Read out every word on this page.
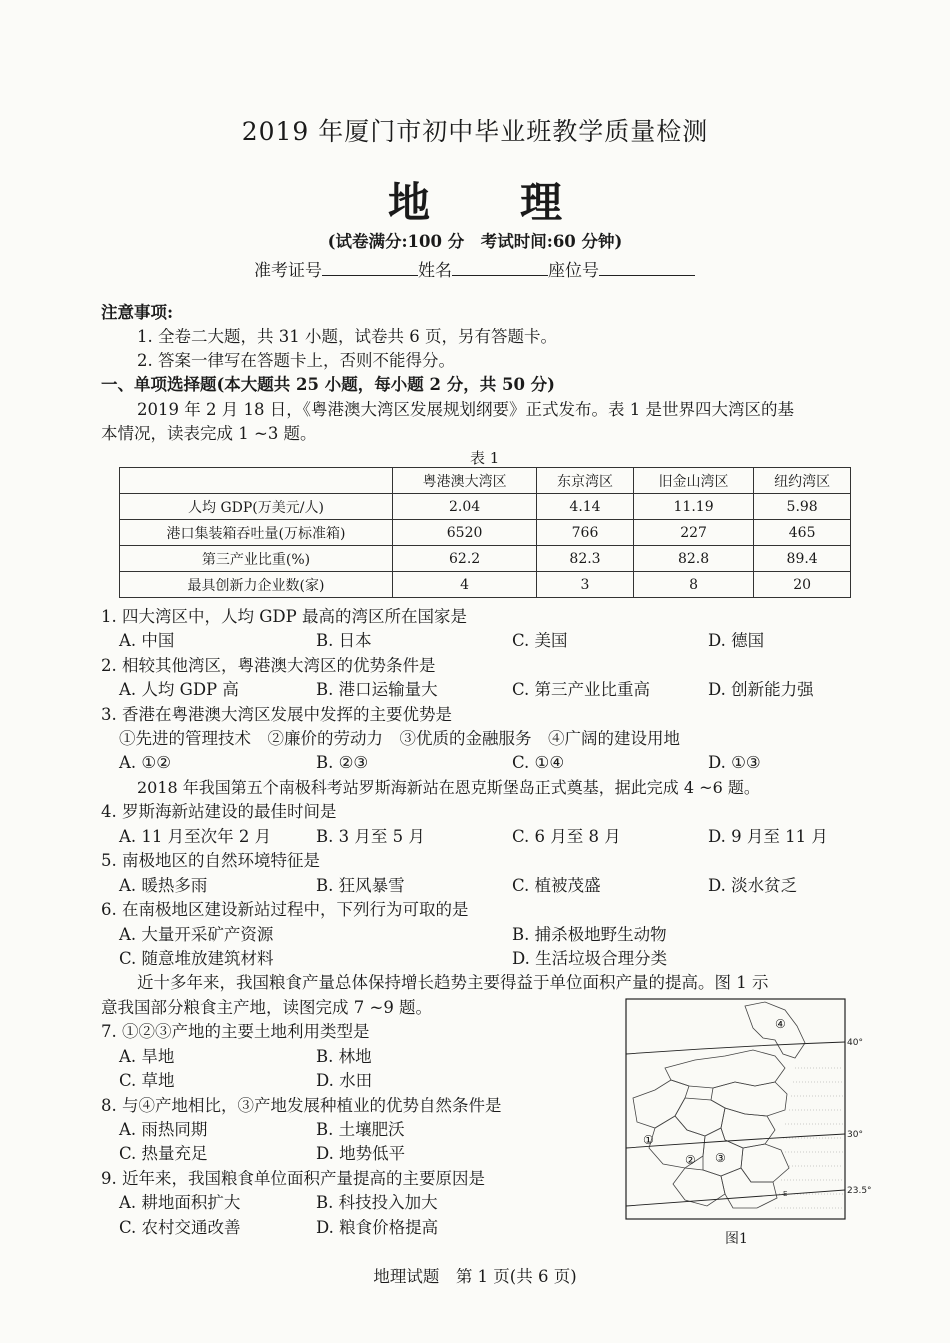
2019 年厦门市初中毕业班教学质量检测
地 理
(试卷满分:100 分　考试时间:60 分钟)
准考证号	姓名	座位号
注意事项:
1. 全卷二大题，共 31 小题，试卷共 6 页，另有答题卡。
2. 答案一律写在答题卡上，否则不能得分。
一、单项选择题(本大题共 25 小题，每小题 2 分，共 50 分)
2019 年 2 月 18 日，《粤港澳大湾区发展规划纲要》正式发布。表 1 是世界四大湾区的基
本情况，读表完成 1 ~3 题。
表 1
	粤港澳大湾区	东京湾区	旧金山湾区	纽约湾区
人均 GDP(万美元/人)	2.04	4.14	11.19	5.98
港口集装箱吞吐量(万标准箱)	6520	766	227	465
第三产业比重(%)	62.2	82.3	82.8	89.4
最具创新力企业数(家)	4	3	8	20
1. 四大湾区中，人均 GDP 最高的湾区所在国家是
A. 中国	B. 日本	C. 美国	D. 德国
2. 相较其他湾区，粤港澳大湾区的优势条件是
A. 人均 GDP 高	B. 港口运输量大	C. 第三产业比重高	D. 创新能力强
3. 香港在粤港澳大湾区发展中发挥的主要优势是
①先进的管理技术　②廉价的劳动力　③优质的金融服务　④广阔的建设用地
A. ①②	B. ②③	C. ①④	D. ①③
2018 年我国第五个南极科考站罗斯海新站在恩克斯堡岛正式奠基，据此完成 4 ~6 题。
4. 罗斯海新站建设的最佳时间是
A. 11 月至次年 2 月	B. 3 月至 5 月	C. 6 月至 8 月	D. 9 月至 11 月
5. 南极地区的自然环境特征是
A. 暖热多雨	B. 狂风暴雪	C. 植被茂盛	D. 淡水贫乏
6. 在南极地区建设新站过程中，下列行为可取的是
A. 大量开采矿产资源	B. 捕杀极地野生动物
C. 随意堆放建筑材料	D. 生活垃圾合理分类
近十多年来，我国粮食产量总体保持增长趋势主要得益于单位面积产量的提高。图 1 示
意我国部分粮食主产地，读图完成 7 ~9 题。
7. ①②③产地的主要土地利用类型是
A. 旱地	B. 林地
C. 草地	D. 水田
8. 与④产地相比，③产地发展种植业的优势自然条件是
A. 雨热同期	B. 土壤肥沃
C. 热量充足	D. 地势低平
9. 近年来，我国粮食单位面积产量提高的主要原因是
A. 耕地面积扩大	B. 科技投入加大
C. 农村交通改善	D. 粮食价格提高
40°
30°
23.5°
④
①
② ③
E
图1
地理试题　第 1 页(共 6 页)
